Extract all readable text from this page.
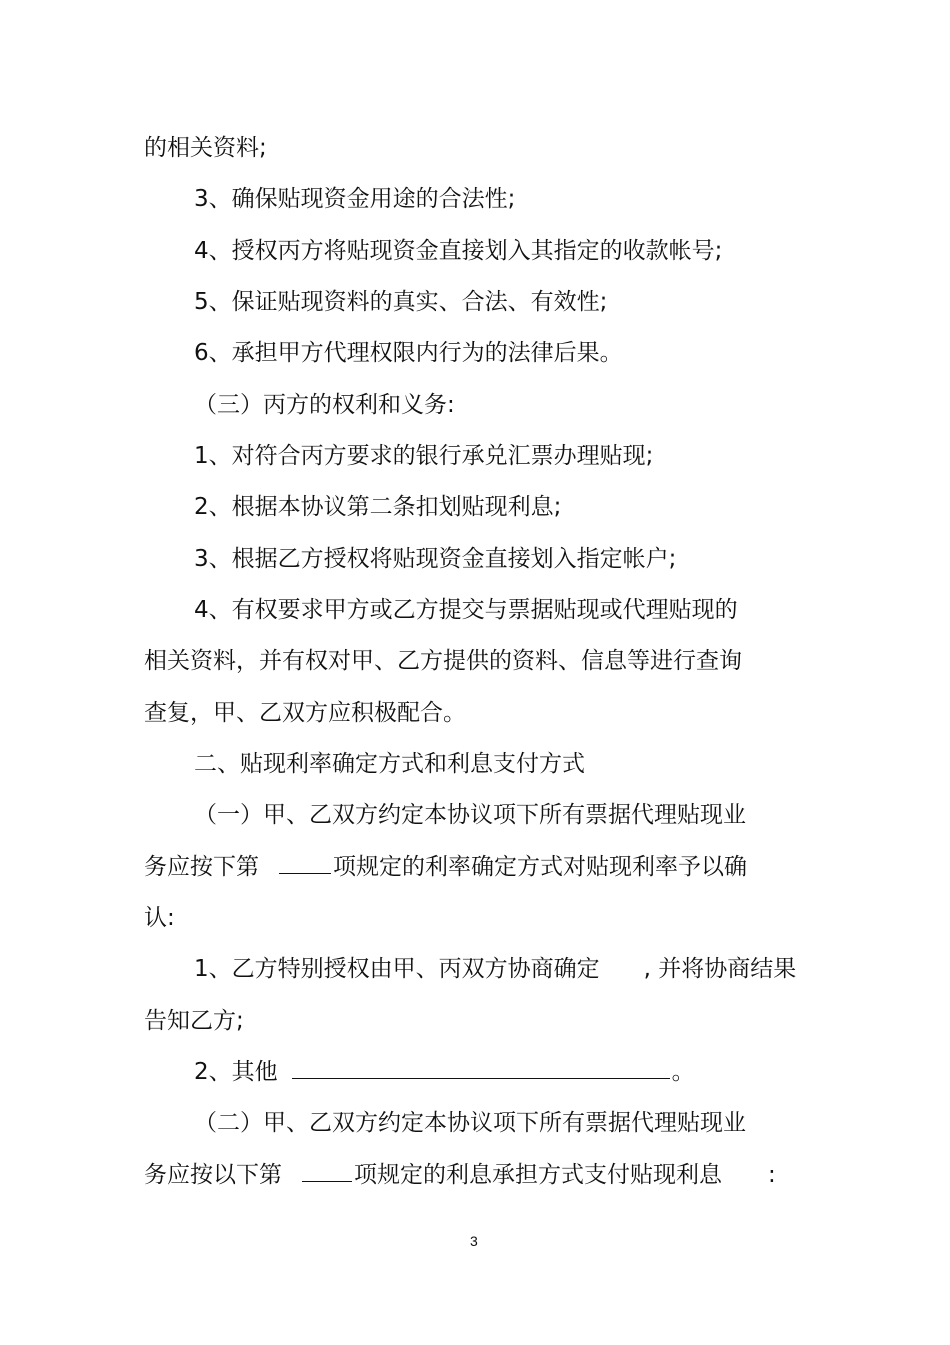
的相关资料;
3、确保贴现资金用途的合法性;
4、授权丙方将贴现资金直接划入其指定的收款帐号;
5、保证贴现资料的真实、合法、有效性;
6、承担甲方代理权限内行为的法律后果。
（三）丙方的权利和义务:
1、对符合丙方要求的银行承兑汇票办理贴现;
2、根据本协议第二条扣划贴现利息;
3、根据乙方授权将贴现资金直接划入指定帐户;
4、有权要求甲方或乙方提交与票据贴现或代理贴现的
相关资料，并有权对甲、乙方提供的资料、信息等进行查询
查复，甲、乙双方应积极配合。
二、贴现利率确定方式和利息支付方式
（一）甲、乙双方约定本协议项下所有票据代理贴现业
务应按下第	项规定的利率确定方式对贴现利率予以确
认:
1、乙方特别授权由甲、丙双方协商确定 , 并将协商结果
告知乙方;
2、其他	。
（二）甲、乙双方约定本协议项下所有票据代理贴现业
务应按以下第	项规定的利息承担方式支付贴现利息 :
3
